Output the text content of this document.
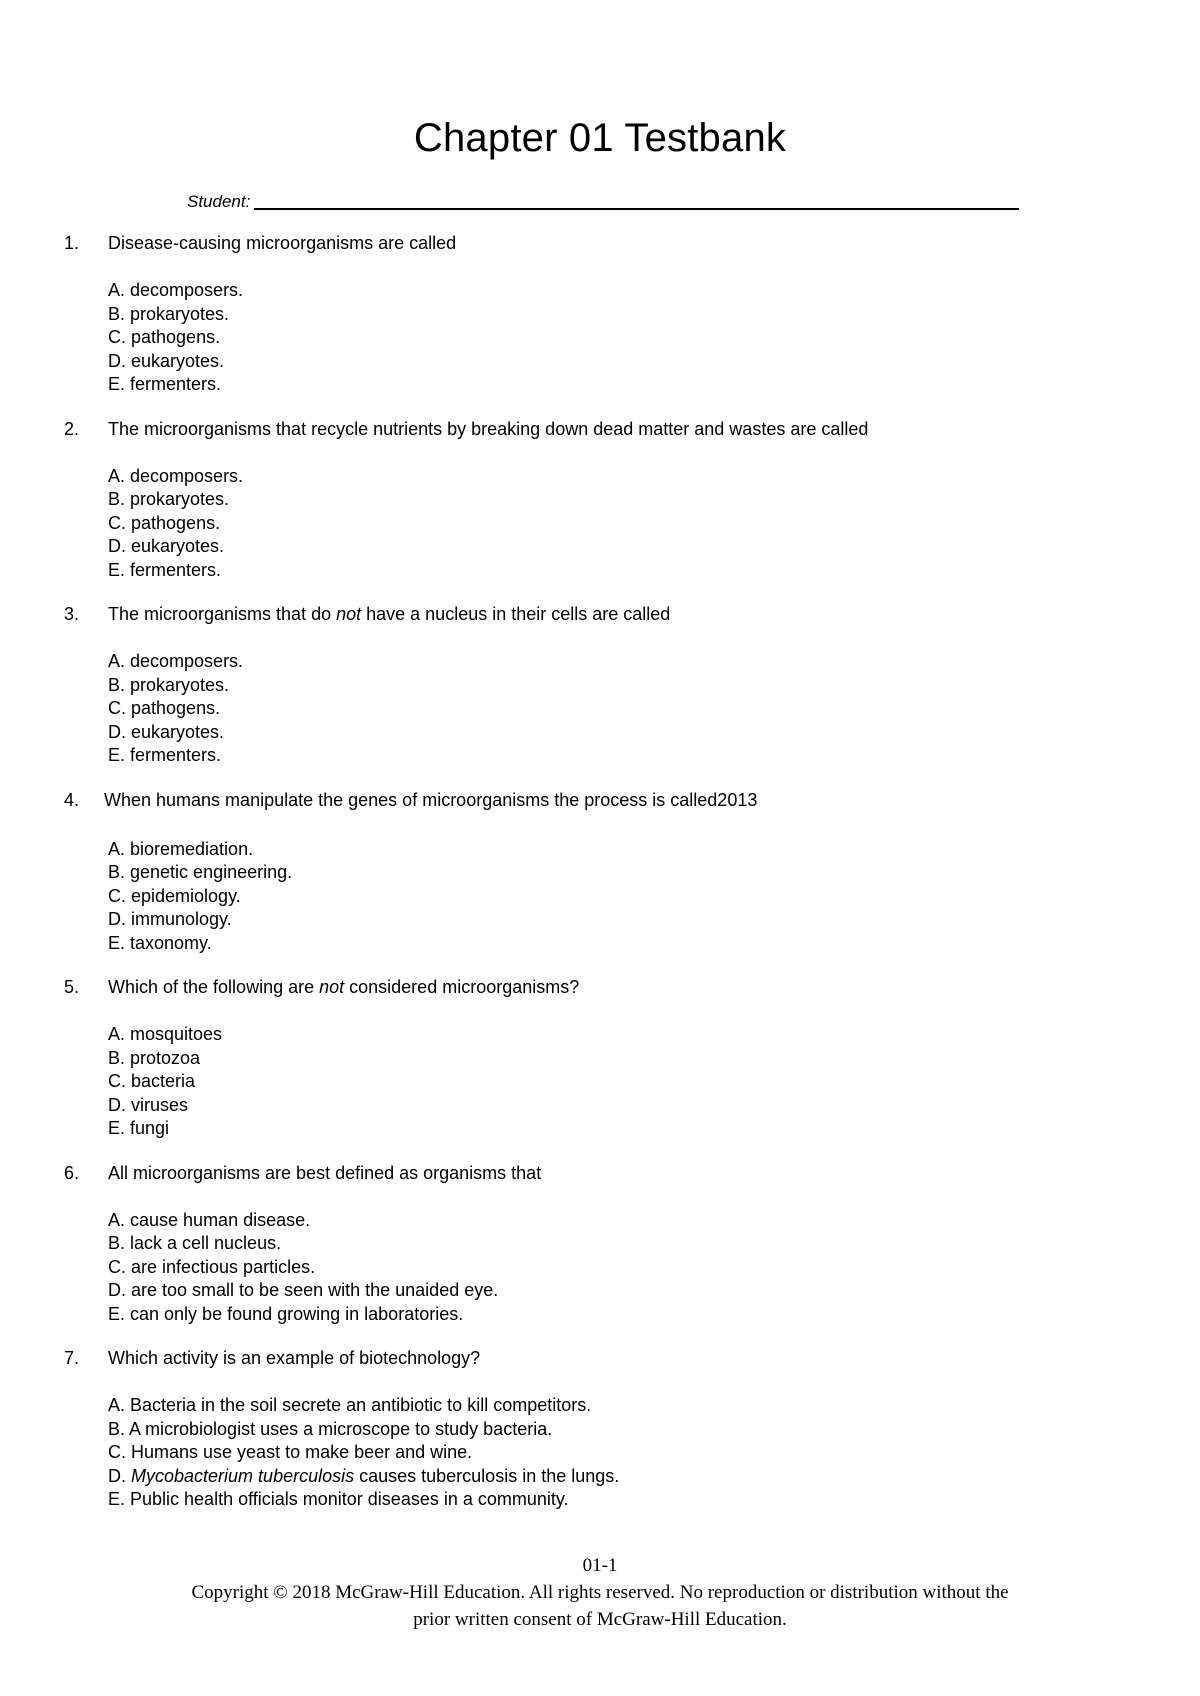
Chapter 01 Testbank
Student:
1.	Disease-causing microorganisms are called
A. decomposers.
B. prokaryotes.
C. pathogens.
D. eukaryotes.
E. fermenters.
2.	The microorganisms that recycle nutrients by breaking down dead matter and wastes are called
A. decomposers.
B. prokaryotes.
C. pathogens.
D. eukaryotes.
E. fermenters.
3.	The microorganisms that do not have a nucleus in their cells are called
A. decomposers.
B. prokaryotes.
C. pathogens.
D. eukaryotes.
E. fermenters.
4.	When humans manipulate the genes of microorganisms the process is called2013
A. bioremediation.
B. genetic engineering.
C. epidemiology.
D. immunology.
E. taxonomy.
5.	Which of the following are not considered microorganisms?
A. mosquitoes
B. protozoa
C. bacteria
D. viruses
E. fungi
6.	All microorganisms are best defined as organisms that
A. cause human disease.
B. lack a cell nucleus.
C. are infectious particles.
D. are too small to be seen with the unaided eye.
E. can only be found growing in laboratories.
7.	Which activity is an example of biotechnology?
A. Bacteria in the soil secrete an antibiotic to kill competitors.
B. A microbiologist uses a microscope to study bacteria.
C. Humans use yeast to make beer and wine.
D. Mycobacterium tuberculosis causes tuberculosis in the lungs.
E. Public health officials monitor diseases in a community.
01-1
Copyright © 2018 McGraw-Hill Education. All rights reserved. No reproduction or distribution without the
prior written consent of McGraw-Hill Education.
